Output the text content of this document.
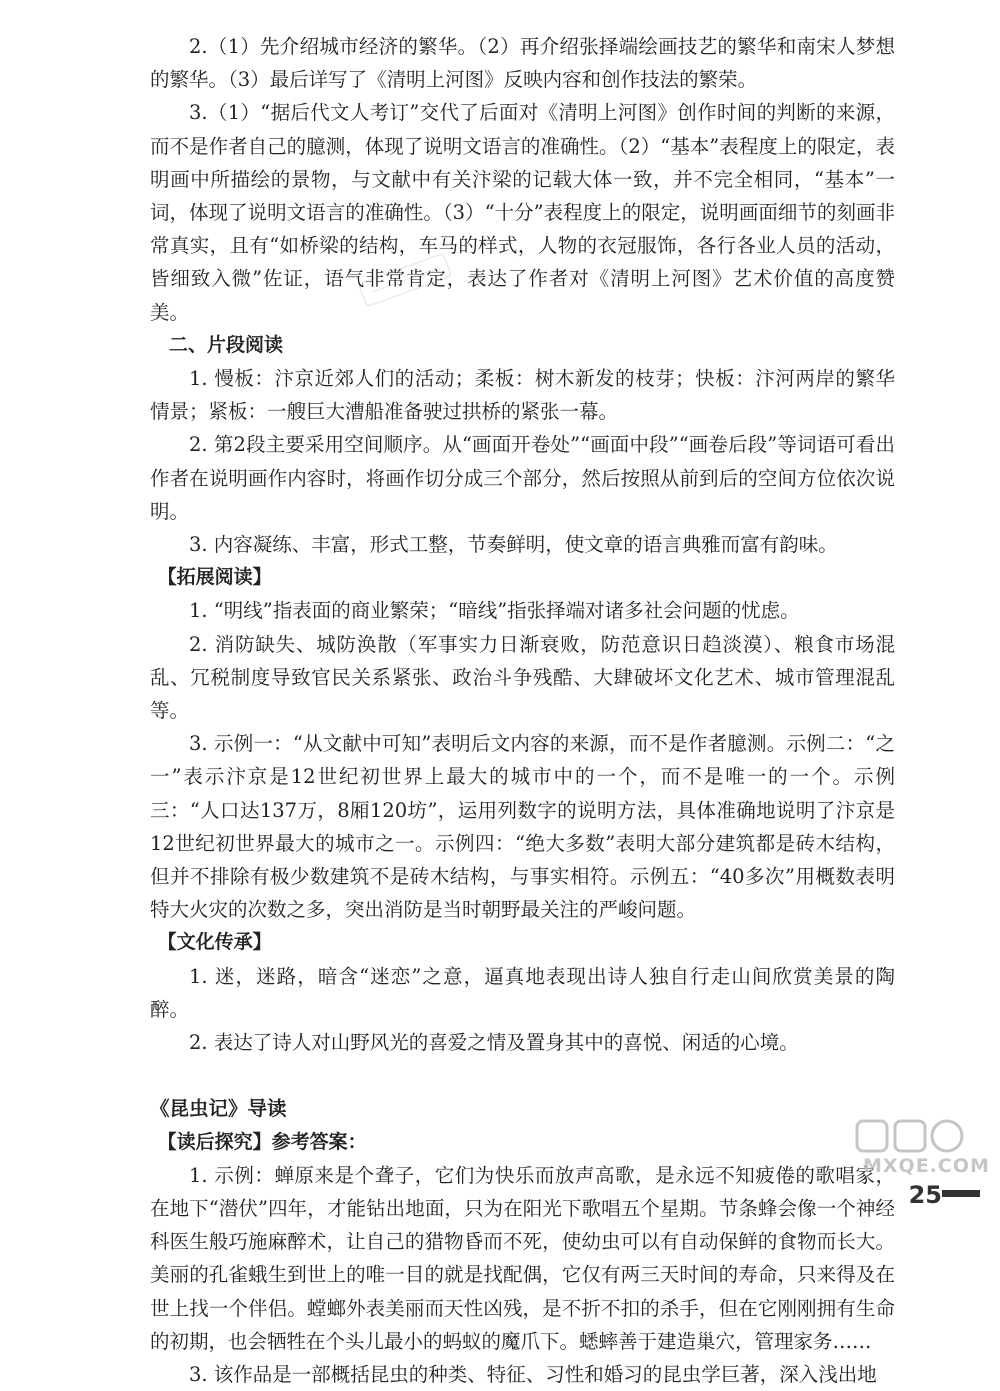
2.（1）先介绍城市经济的繁华。（2）再介绍张择端绘画技艺的繁华和南宋人梦想的繁华。（3）最后详写了《清明上河图》反映内容和创作技法的繁荣。

3.（1）“据后代文人考订”交代了后面对《清明上河图》创作时间的判断的来源，而不是作者自己的臆测，体现了说明文语言的准确性。（2）“基本”表程度上的限定，表明画中所描绘的景物，与文献中有关汴梁的记载大体一致，并不完全相同，“基本”一词，体现了说明文语言的准确性。（3）“十分”表程度上的限定，说明画面细节的刻画非常真实，且有“如桥梁的结构，车马的样式，人物的衣冠服饰，各行各业人员的活动，皆细致入微”佐证，语气非常肯定，表达了作者对《清明上河图》艺术价值的高度赞美。

二、片段阅读

1. 慢板：汴京近郊人们的活动；柔板：树木新发的枝芽；快板：汴河两岸的繁华情景；紧板：一艘巨大漕船准备驶过拱桥的紧张一幕。

2. 第2段主要采用空间顺序。从“画面开卷处”“画面中段”“画卷后段”等词语可看出作者在说明画作内容时，将画作切分成三个部分，然后按照从前到后的空间方位依次说明。

3. 内容凝练、丰富，形式工整，节奏鲜明，使文章的语言典雅而富有韵味。

【拓展阅读】

1. “明线”指表面的商业繁荣；“暗线”指张择端对诸多社会问题的忧虑。

2. 消防缺失、城防涣散（军事实力日渐衰败，防范意识日趋淡漠）、粮食市场混乱、冗税制度导致官民关系紧张、政治斗争残酷、大肆破坏文化艺术、城市管理混乱等。

3. 示例一：“从文献中可知”表明后文内容的来源，而不是作者臆测。示例二：“之一”表示汴京是12世纪初世界上最大的城市中的一个，而不是唯一的一个。示例三：“人口达137万，8厢120坊”，运用列数字的说明方法，具体准确地说明了汴京是12世纪初世界最大的城市之一。示例四：“绝大多数”表明大部分建筑都是砖木结构，但并不排除有极少数建筑不是砖木结构，与事实相符。示例五：“40多次”用概数表明特大火灾的次数之多，突出消防是当时朝野最关注的严峻问题。

【文化传承】

1. 迷，迷路，暗含“迷恋”之意，逼真地表现出诗人独自行走山间欣赏美景的陶醉。

2. 表达了诗人对山野风光的喜爱之情及置身其中的喜悦、闲适的心境。

《昆虫记》导读

【读后探究】参考答案：

1. 示例：蝉原来是个聋子，它们为快乐而放声高歌，是永远不知疲倦的歌唱家，在地下“潜伏”四年，才能钻出地面，只为在阳光下歌唱五个星期。节条蜂会像一个神经科医生般巧施麻醉术，让自己的猎物昏而不死，使幼虫可以有自动保鲜的食物而长大。美丽的孔雀蛾生到世上的唯一目的就是找配偶，它仅有两三天时间的寿命，只来得及在世上找一个伴侣。螳螂外表美丽而天性凶残，是不折不扣的杀手，但在它刚刚拥有生命的初期，也会牺牲在个头儿最小的蚂蚁的魔爪下。蟋蟀善于建造巢穴，管理家务……

3. 该作品是一部概括昆虫的种类、特征、习性和婚习的昆虫学巨著，深入浅出地

MXQE.COM
25
